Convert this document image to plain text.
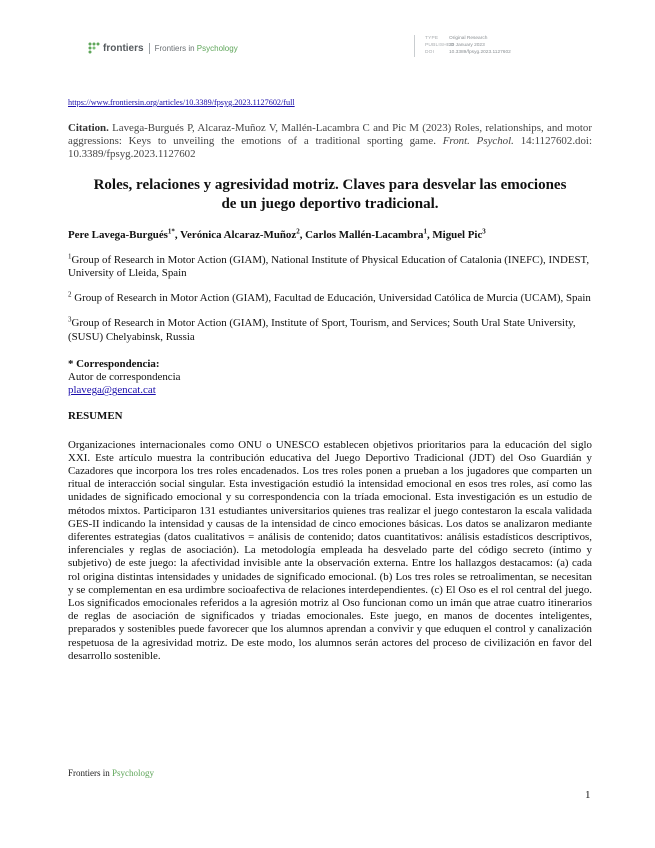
frontiers Frontiers in Psychology
TYPE Original Research
PUBLISHED30 January 2023
DOI	10.3389/fpsyg.2023.1127602
https://www.frontiersin.org/articles/10.3389/fpsyg.2023.1127602/full

Citation. Lavega-Burgués P, Alcaraz-Muñoz V, Mallén-Lacambra C and Pic M (2023) Roles, relationships, and motor aggressions: Keys to unveiling the emotions of a traditional sporting game. Front. Psychol. 14:1127602.doi: 10.3389/fpsyg.2023.1127602

Roles, relaciones y agresividad motriz. Claves para desvelar las emociones de un juego deportivo tradicional.
Pere Lavega-Burgués$^{1*}$, Verónica Alcaraz-Muñoz$^2$, Carlos Mallén-Lacambra$^1$, Miguel Pic$^3$
$^1$Group of Research in Motor Action (GIAM), National Institute of Physical Education of Catalonia (INEFC), INDEST, University of Lleida, Spain
$^2$ Group of Research in Motor Action (GIAM), Facultad de Educación, Universidad Católica de Murcia (UCAM), Spain
$^3$Group of Research in Motor Action (GIAM), Institute of Sport, Tourism, and Services; South Ural State University, (SUSU) Chelyabinsk, Russia
* Correspondencia:
Autor de correspondencia
plavega@gencat.cat
RESUMEN
Organizaciones internacionales como ONU o UNESCO establecen objetivos prioritarios para la educación del siglo XXI. Este artículo muestra la contribución educativa del Juego Deportivo Tradicional (JDT) del Oso Guardián y Cazadores que incorpora los tres roles encadenados. Los tres roles ponen a prueban a los jugadores que comparten un ritual de interacción social singular. Esta investigación estudió la intensidad emocional en esos tres roles, así como las unidades de significado emocional y su correspondencia con la tríada emocional. Esta investigación es un estudio de métodos mixtos. Participaron 131 estudiantes universitarios quienes tras realizar el juego contestaron la escala validada GES-II indicando la intensidad y causas de la intensidad de cinco emociones básicas. Los datos se analizaron mediante diferentes estrategias (datos cualitativos = análisis de contenido; datos cuantitativos: análisis estadísticos descriptivos, inferenciales y reglas de asociación). La metodología empleada ha desvelado parte del código secreto (íntimo y subjetivo) de este juego: la afectividad invisible ante la observación externa. Entre los hallazgos destacamos: (a) cada rol origina distintas intensidades y unidades de significado emocional. (b) Los tres roles se retroalimentan, se necesitan y se complementan en esa urdimbre socioafectiva de relaciones interdependientes. (c) El Oso es el rol central del juego. Los significados emocionales referidos a la agresión motriz al Oso funcionan como un imán que atrae cuatro itinerarios de reglas de asociación de significados y triadas emocionales. Este juego, en manos de docentes inteligentes, preparados y sostenibles puede favorecer que los alumnos aprendan a convivir y que eduquen el control y canalización respetuosa de la agresividad motriz. De este modo, los alumnos serán actores del proceso de civilización en favor del desarrollo sostenible.
Frontiers in Psychology
1
